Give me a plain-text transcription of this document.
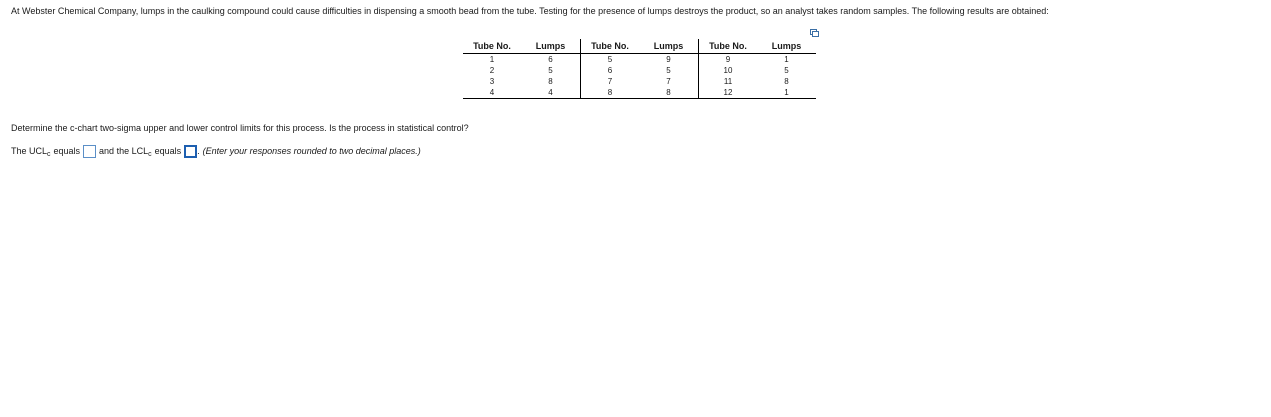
At Webster Chemical Company, lumps in the caulking compound could cause difficulties in dispensing a smooth bead from the tube. Testing for the presence of lumps destroys the product, so an analyst takes random samples. The following results are obtained:
Tube No.	Lumps	Tube No.	Lumps	Tube No.	Lumps
1	6	5	9	9	1
2	5	6	5	10	5
3	8	7	7	11	8
4	4	8	8	12	1
Determine the c-chart two-sigma upper and lower control limits for this process. Is the process in statistical control?
The $UCL_c$ equals and the $LCL_c$ equals . (Enter your responses rounded to two decimal places.)
